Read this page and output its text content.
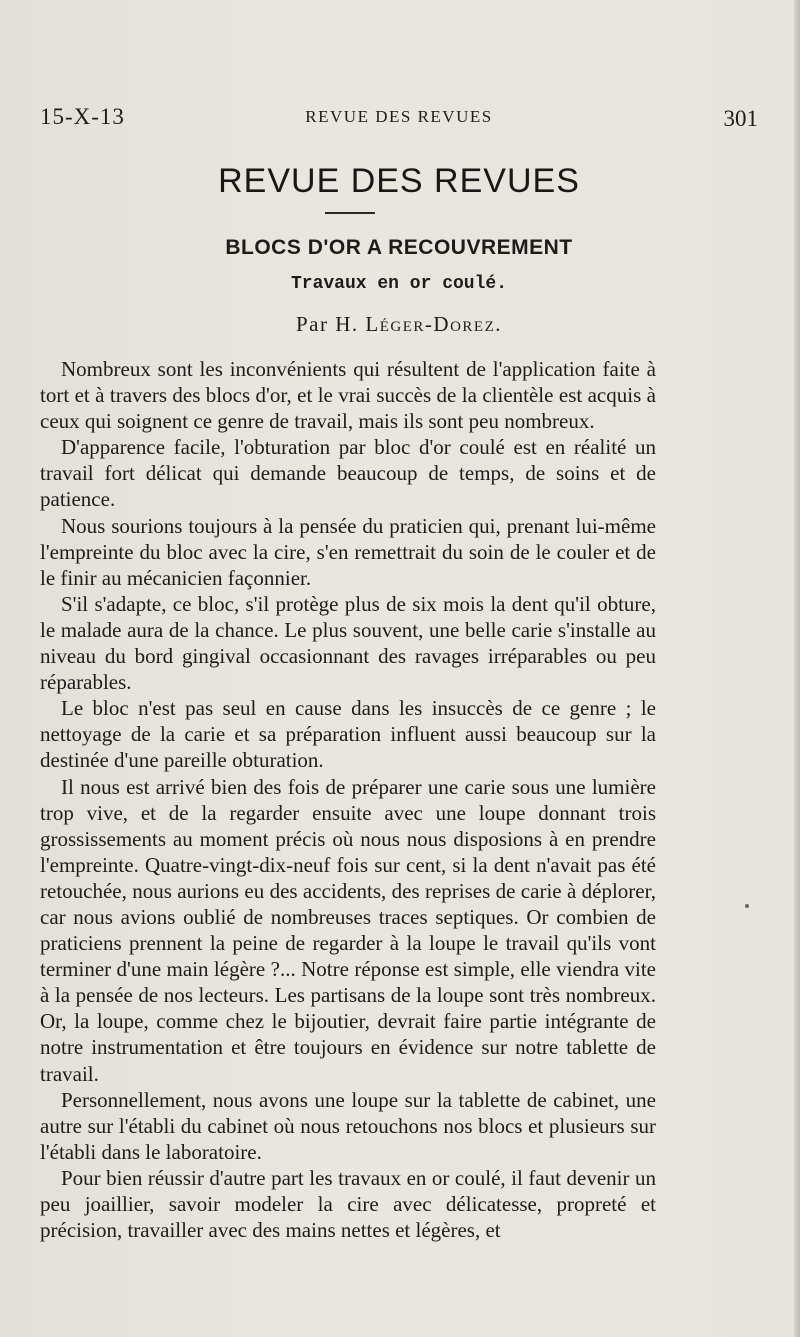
15-X-13	REVUE DES REVUES	301
REVUE DES REVUES
BLOCS D'OR A RECOUVREMENT
Travaux en or coulé.
Par H. Léger-Dorez.

Nombreux sont les inconvénients qui résultent de l'application faite à tort et à travers des blocs d'or, et le vrai succès de la clientèle est acquis à ceux qui soignent ce genre de travail, mais ils sont peu nombreux.

D'apparence facile, l'obturation par bloc d'or coulé est en réalité un travail fort délicat qui demande beaucoup de temps, de soins et de patience.

Nous sourions toujours à la pensée du praticien qui, prenant lui-même l'empreinte du bloc avec la cire, s'en remettrait du soin de le couler et de le finir au mécanicien façonnier.

S'il s'adapte, ce bloc, s'il protège plus de six mois la dent qu'il obture, le malade aura de la chance. Le plus souvent, une belle carie s'installe au niveau du bord gingival occasionnant des ravages irréparables ou peu réparables.

Le bloc n'est pas seul en cause dans les insuccès de ce genre ; le nettoyage de la carie et sa préparation influent aussi beaucoup sur la destinée d'une pareille obturation.

Il nous est arrivé bien des fois de préparer une carie sous une lumière trop vive, et de la regarder ensuite avec une loupe donnant trois grossissements au moment précis où nous nous disposions à en prendre l'empreinte. Quatre-vingt-dix-neuf fois sur cent, si la dent n'avait pas été retouchée, nous aurions eu des accidents, des reprises de carie à déplorer, car nous avions oublié de nombreuses traces septiques. Or combien de praticiens prennent la peine de regarder à la loupe le travail qu'ils vont terminer d'une main légère ?... Notre réponse est simple, elle viendra vite à la pensée de nos lecteurs. Les partisans de la loupe sont très nombreux. Or, la loupe, comme chez le bijoutier, devrait faire partie intégrante de notre instrumentation et être toujours en évidence sur notre tablette de travail.

Personnellement, nous avons une loupe sur la tablette de cabinet, une autre sur l'établi du cabinet où nous retouchons nos blocs et plusieurs sur l'établi dans le laboratoire.

Pour bien réussir d'autre part les travaux en or coulé, il faut devenir un peu joaillier, savoir modeler la cire avec délicatesse, propreté et précision, travailler avec des mains nettes et légères, et
